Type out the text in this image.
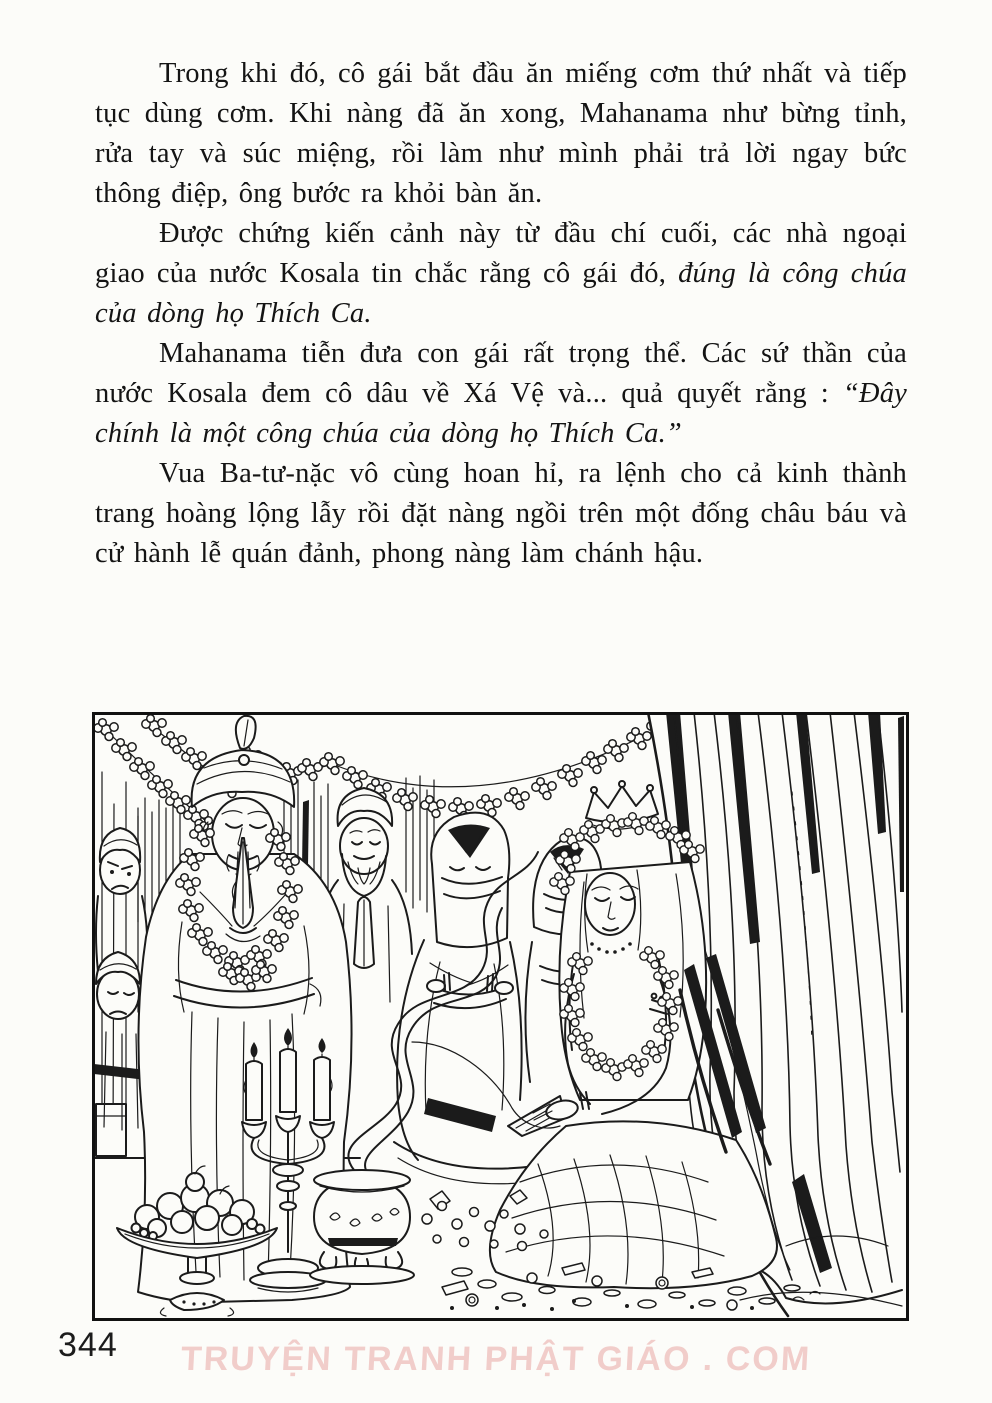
Trong khi đó, cô gái bắt đầu ăn miếng cơm thứ nhất và tiếp tục dùng cơm. Khi nàng đã ăn xong, Mahanama như bừng tỉnh, rửa tay và súc miệng, rồi làm như mình phải trả lời ngay bức thông điệp, ông bước ra khỏi bàn ăn.

Được chứng kiến cảnh này từ đầu chí cuối, các nhà ngoại giao của nước Kosala tin chắc rằng cô gái đó, đúng là công chúa của dòng họ Thích Ca.

Mahanama tiễn đưa con gái rất trọng thể. Các sứ thần của nước Kosala đem cô dâu về Xá Vệ và... quả quyết rằng : “Đây chính là một công chúa của dòng họ Thích Ca.”

Vua Ba-tư-nặc vô cùng hoan hỉ, ra lệnh cho cả kinh thành trang hoàng lộng lẫy rồi đặt nàng ngồi trên một đống châu báu và cử hành lễ quán đảnh, phong nàng làm chánh hậu.

344	TRUYỆN TRANH PHẬT GIÁO . COM
